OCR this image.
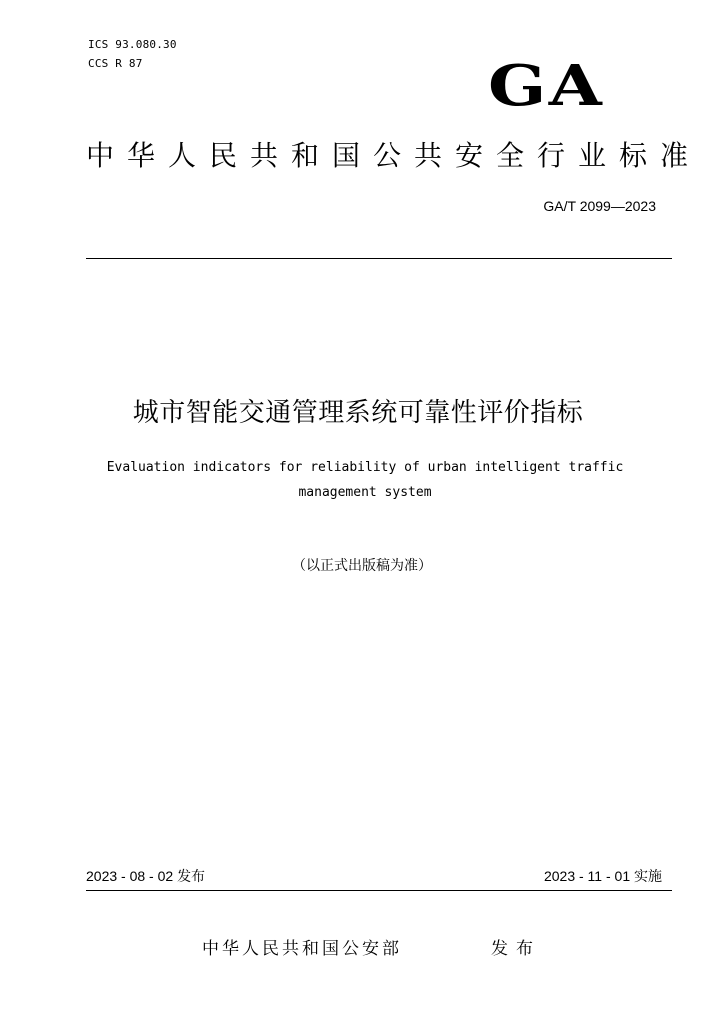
ICS 93.080.30
CCS R 87	GA
中华人民共和国公共安全行业标准
GA/T 2099—2023
城市智能交通管理系统可靠性评价指标
Evaluation indicators for reliability of urban intelligent traffic management system
（以正式出版稿为准）
2023 - 08 - 02 发布	2023 - 11 - 01 实施
中华人民共和国公安部	发布
